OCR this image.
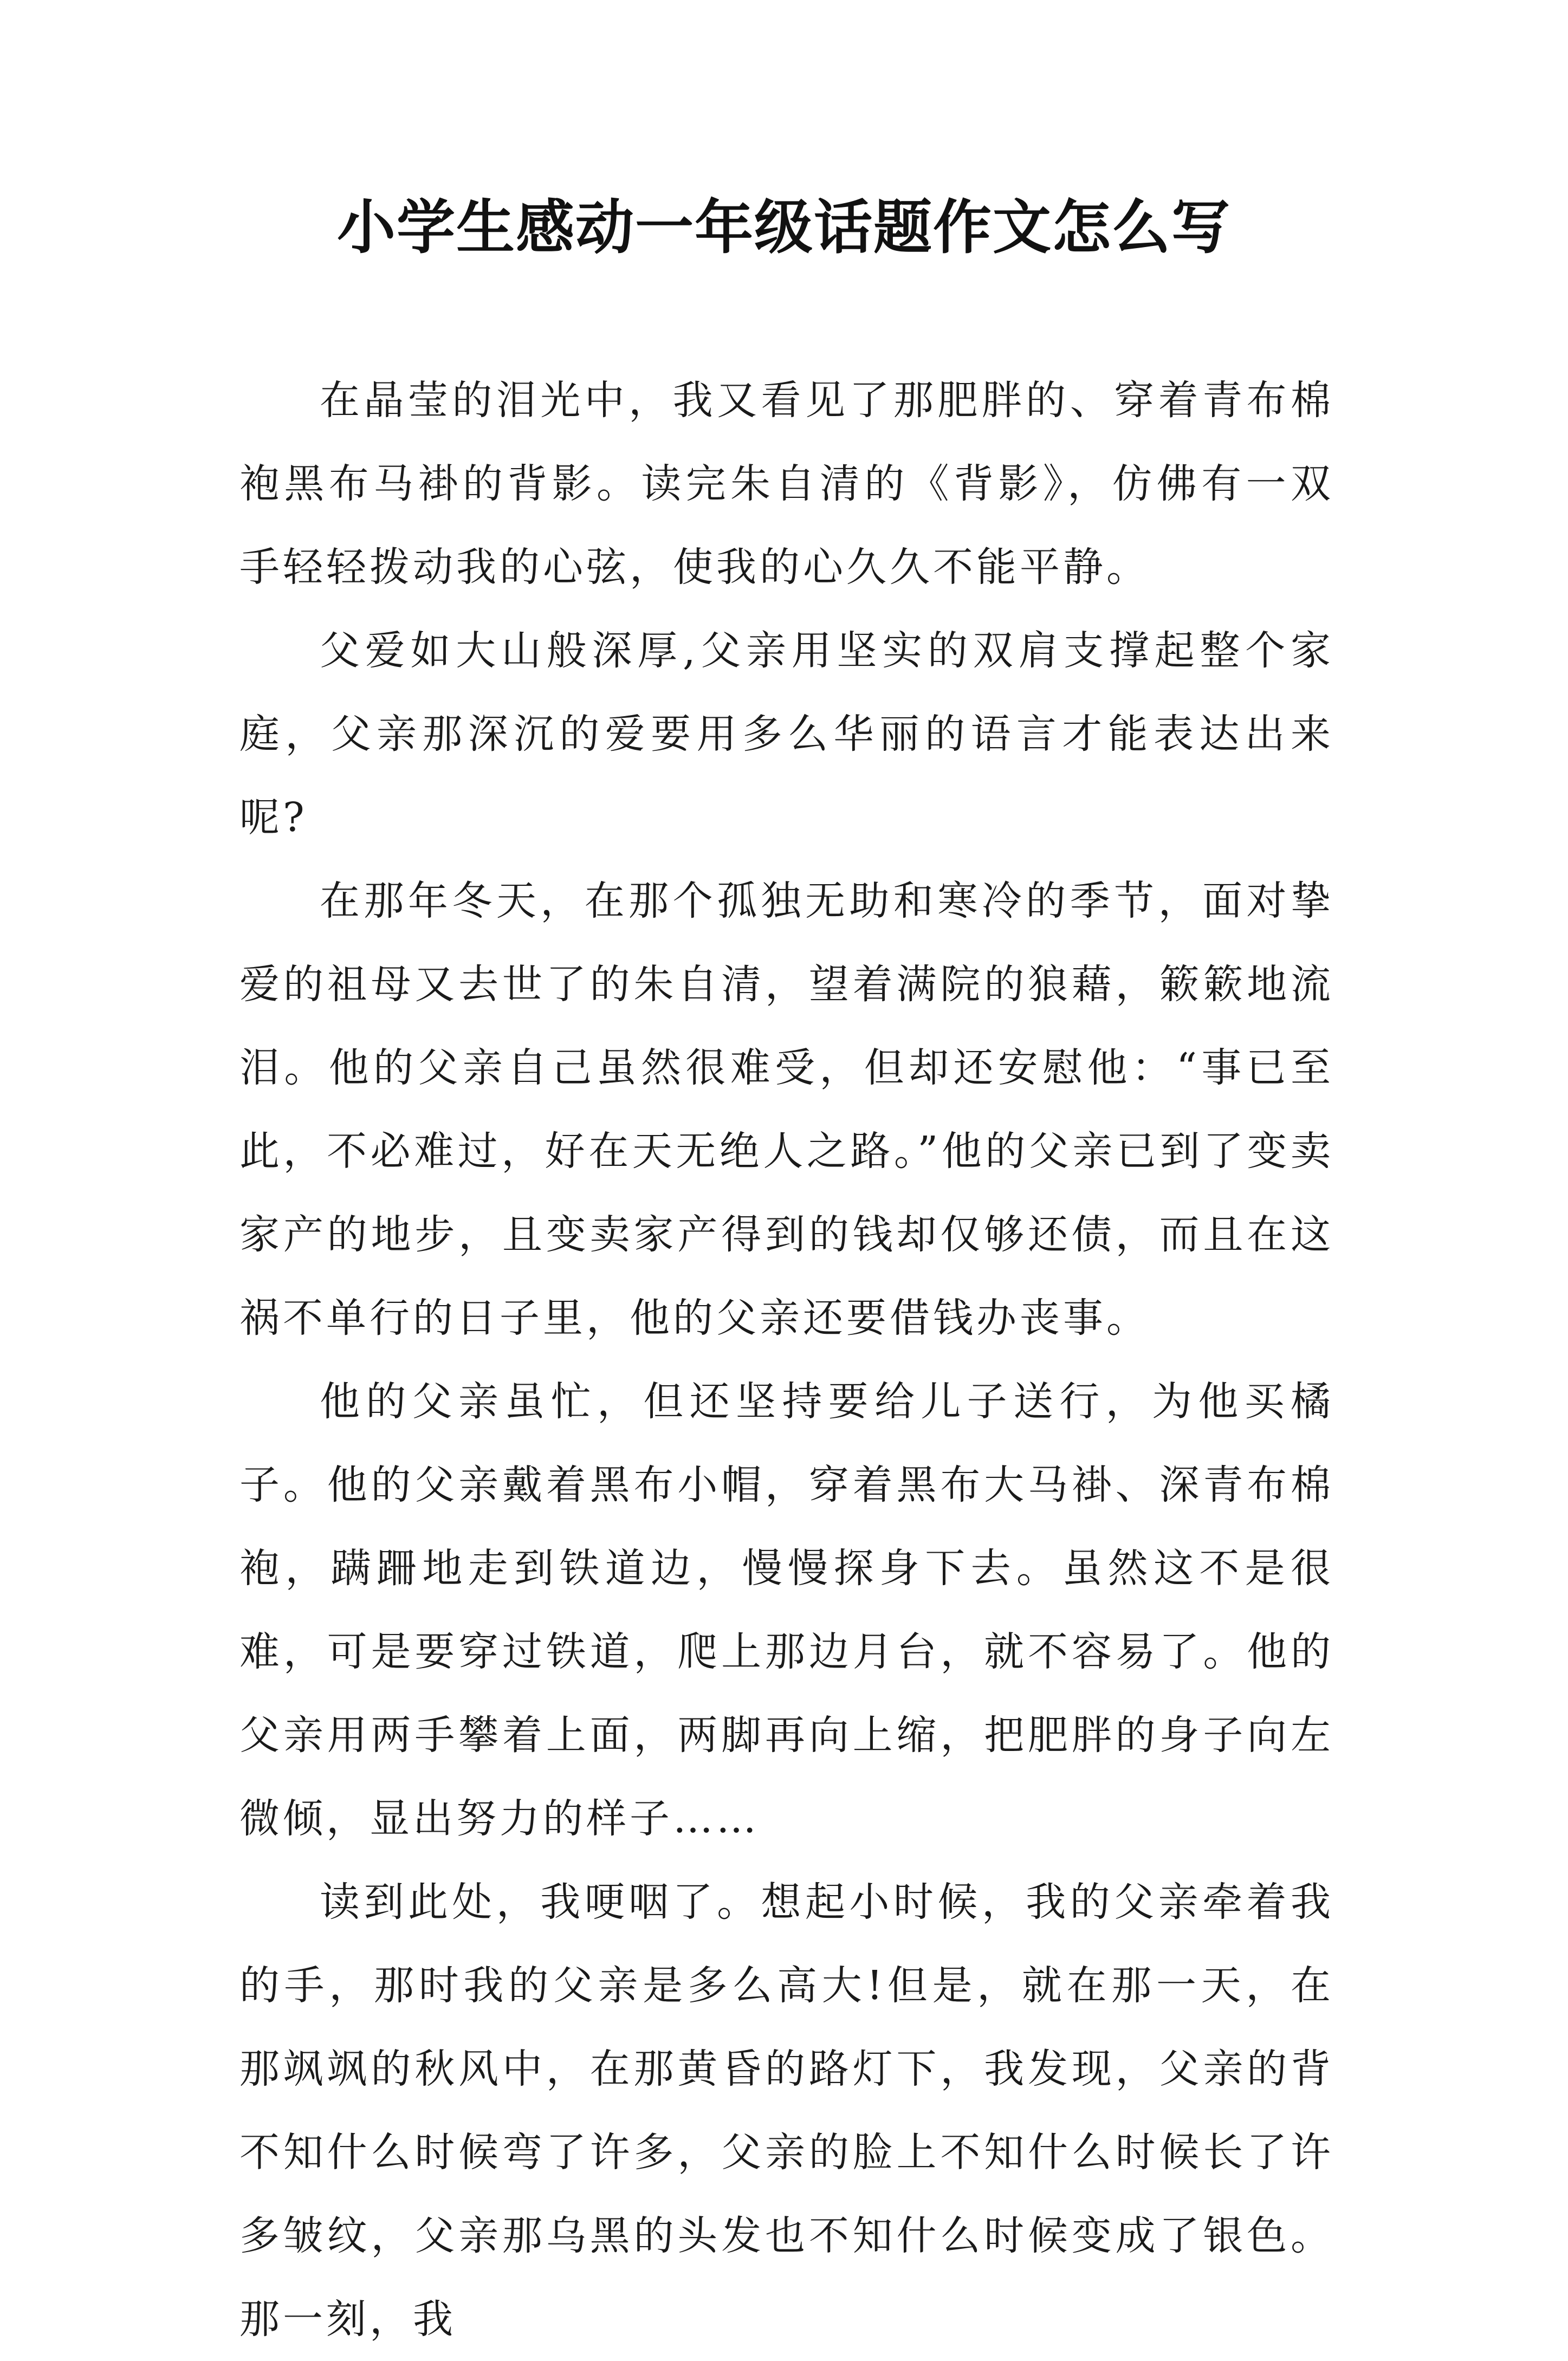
小学生感动一年级话题作文怎么写

在晶莹的泪光中，我又看见了那肥胖的、穿着青布棉袍黑布马褂的背影。读完朱自清的《背影》，仿佛有一双手轻轻拨动我的心弦，使我的心久久不能平静。

父爱如大山般深厚,父亲用坚实的双肩支撑起整个家庭，父亲那深沉的爱要用多么华丽的语言才能表达出来呢?

在那年冬天，在那个孤独无助和寒冷的季节，面对挚爱的祖母又去世了的朱自清，望着满院的狼藉，簌簌地流泪。他的父亲自己虽然很难受，但却还安慰他：“事已至此，不必难过，好在天无绝人之路。”他的父亲已到了变卖家产的地步，且变卖家产得到的钱却仅够还债，而且在这祸不单行的日子里，他的父亲还要借钱办丧事。

他的父亲虽忙，但还坚持要给儿子送行，为他买橘子。他的父亲戴着黑布小帽，穿着黑布大马褂、深青布棉袍，蹒跚地走到铁道边，慢慢探身下去。虽然这不是很难，可是要穿过铁道，爬上那边月台，就不容易了。他的父亲用两手攀着上面，两脚再向上缩，把肥胖的身子向左微倾，显出努力的样子……

读到此处，我哽咽了。想起小时候，我的父亲牵着我的手，那时我的父亲是多么高大!但是，就在那一天，在那飒飒的秋风中，在那黄昏的路灯下，我发现，父亲的背不知什么时候弯了许多，父亲的脸上不知什么时候长了许多皱纹，父亲那乌黑的头发也不知什么时候变成了银色。那一刻，我
